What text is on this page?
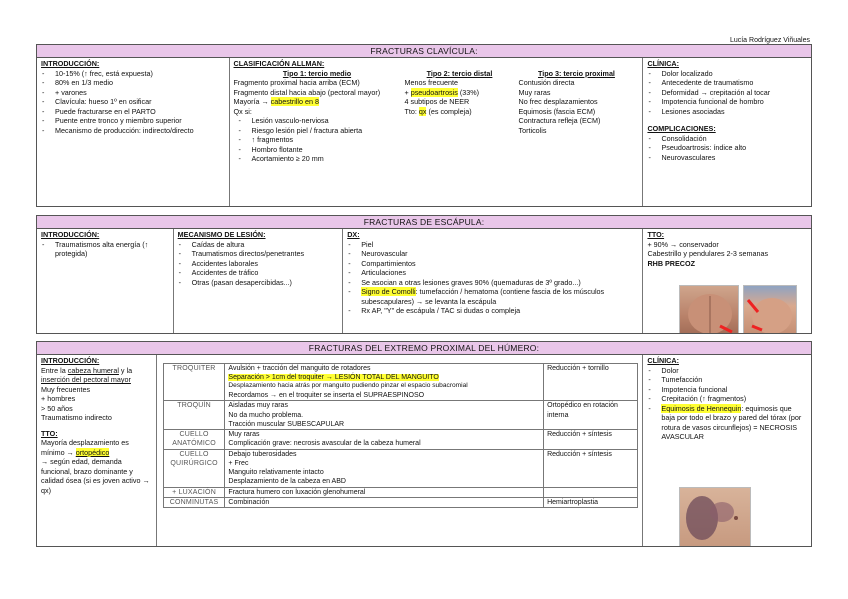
Lucía Rodríguez Viñuales
FRACTURAS CLAVÍCULA:
INTRODUCCIÓN:
- 10-15% (↑ frec, está expuesta)
- 80% en 1/3 medio
- + varones
- Clavícula: hueso 1º en osificar
- Puede fracturarse en el PARTO
- Puente entre tronco y miembro superior
- Mecanismo de producción: indirecto/directo
CLASIFICACIÓN ALLMAN:
Tipo 1: tercio medio
Fragmento proximal hacia arriba (ECM)
Fragmento distal hacia abajo (pectoral mayor)
Mayoría → cabestrillo en 8
Qx si:
- Lesión vasculo-nerviosa
- Riesgo lesión piel / fractura abierta
- ↑ fragmentos
- Hombro flotante
- Acortamiento ≥ 20 mm
Tipo 2: tercio distal
Menos frecuente
+ pseudoartrosis (33%)
4 subtipos de NEER
Tto: qx (es compleja)
Tipo 3: tercio proximal
Contusión directa
Muy raras
No frec desplazamientos
Equimosis (fascia ECM)
Contractura refleja (ECM)
Torticolis
CLÍNICA:
- Dolor localizado
- Antecedente de traumatismo
- Deformidad → crepitación al tocar
- Impotencia funcional de hombro
- Lesiones asociadas
COMPLICACIONES:
- Consolidación
- Pseudoartrosis: índice alto
- Neurovasculares
FRACTURAS DE ESCÁPULA:
INTRODUCCIÓN:
- Traumatismos alta energía (↑ protegida)
MECANISMO DE LESIÓN:
- Caídas de altura
- Traumatismos directos/penetrantes
- Accidentes laborales
- Accidentes de tráfico
- Otras (pasan desapercibidas...)
DX:
- Piel
- Neurovascular
- Compartimientos
- Articulaciones
- Se asocian a otras lesiones graves 90% (quemaduras de 3º grado...)
- Signo de Comolli: tumefacción / hematoma (contiene fascia de los músculos subescapulares) → se levanta la escápula
- Rx AP, "Y" de escápula / TAC si dudas o compleja
TTO:
+ 90% → conservador
Cabestrillo y pendulares 2-3 semanas
RHB PRECOZ
FRACTURAS DEL EXTREMO PROXIMAL DEL HÚMERO:
INTRODUCCIÓN:
Entre la cabeza humeral y la inserción del pectoral mayor
Muy frecuentes
+ hombres
> 50 años
Traumatismo indirecto
TTO:
Mayoría desplazamiento es mínimo → ortopédico
→ según edad, demanda funcional, brazo dominante y calidad ósea (si es joven activo → qx)
TROQUITER	Avulsión + tracción del manguito de rotadores
Separación > 1cm del troquiter → LESIÓN TOTAL DEL MANGUITO
Desplazamiento hacia atrás por manguito pudiendo pinzar el espacio subacromial
Recordamos → en el troquiter se inserta el SUPRAESPINOSO	Reducción + tornillo
TROQUÍN	Aisladas muy raras
No da mucho problema.
Tracción muscular SUBESCAPULAR	Ortopédico en rotación interna
CUELLO ANATÓMICO	Muy raras
Complicación grave: necrosis avascular de la cabeza humeral	Reducción + síntesis
CUELLO QUIRÚRGICO	Debajo tuberosidades
+ Frec
Manguito relativamente intacto
Desplazamiento de la cabeza en ABD	Reducción + síntesis
+ LUXACIÓN	Fractura humero con luxación glenohumeral	

CONMINUTAS	Combinación	Hemiartroplastia
CLÍNICA:
- Dolor
- Tumefacción
- Impotencia funcional
- Crepitación (↑ fragmentos)
- Equimosis de Hennequin: equimosis que baja por todo el brazo y pared del tórax (por rotura de vasos circunflejos) = NECROSIS AVASCULAR
